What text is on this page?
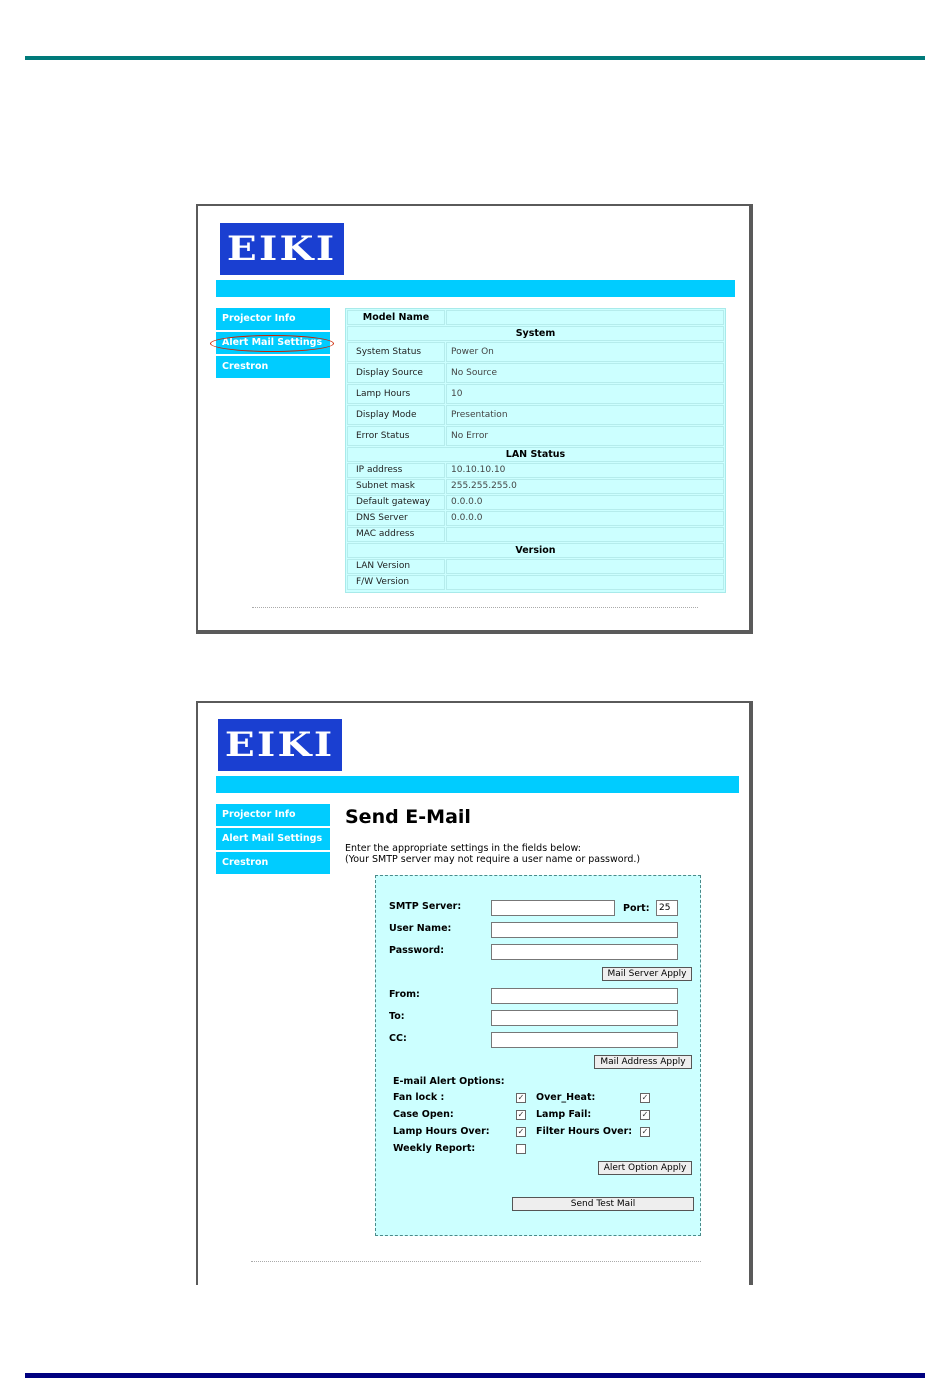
EIKI
Projector Info
Alert Mail Settings
Crestron
Model Name
System
System Status	Power On
Display Source	No Source
Lamp Hours	10
Display Mode	Presentation
Error Status	No Error
LAN Status
IP address	10.10.10.10
Subnet mask	255.255.255.0
Default gateway	0.0.0.0
DNS Server	0.0.0.0
MAC address
Version
LAN Version
F/W Version
EIKI
Projector Info
Alert Mail Settings
Crestron
Send E-Mail
Enter the appropriate settings in the fields below:
(Your SMTP server may not require a user name or password.)
SMTP Server:	Port:
25
User Name:
Password:
Mail Server Apply
From:
To:
CC:
Mail Address Apply
E-mail Alert Options:
Fan lock :	✓ Over_Heat:	✓
Case Open:	✓ Lamp Fail:	✓
Lamp Hours Over:	✓ Filter Hours Over: ✓
Weekly Report:
Alert Option Apply
Send Test Mail
